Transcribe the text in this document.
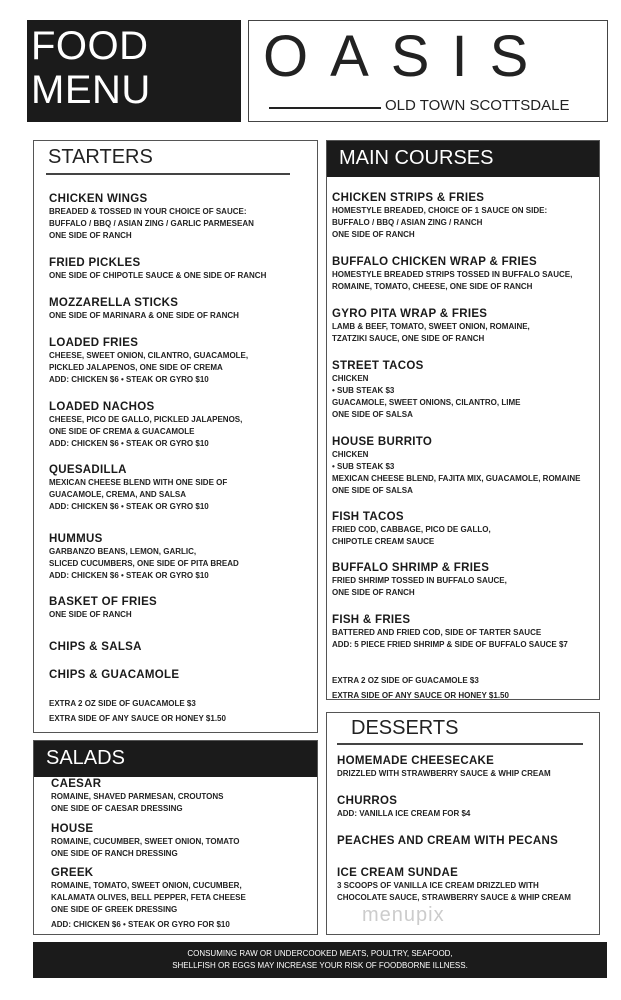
FOOD
MENU
OASIS
OLD TOWN SCOTTSDALE
STARTERS
CHICKEN WINGS
BREADED & TOSSED IN YOUR CHOICE OF SAUCE:
BUFFALO / BBQ / ASIAN ZING / GARLIC PARMESEAN
ONE SIDE OF RANCH
FRIED PICKLES
ONE SIDE OF CHIPOTLE SAUCE & ONE SIDE OF RANCH
MOZZARELLA STICKS
ONE SIDE OF MARINARA & ONE SIDE OF RANCH
LOADED FRIES
CHEESE, SWEET ONION, CILANTRO, GUACAMOLE,
PICKLED JALAPENOS, ONE SIDE OF CREMA
ADD: CHICKEN $6 • STEAK OR GYRO $10
LOADED NACHOS
CHEESE, PICO DE GALLO, PICKLED JALAPENOS,
ONE SIDE OF CREMA & GUACAMOLE
ADD: CHICKEN $6 • STEAK OR GYRO $10
QUESADILLA
MEXICAN CHEESE BLEND WITH ONE SIDE OF
GUACAMOLE, CREMA, AND SALSA
ADD: CHICKEN $6 • STEAK OR GYRO $10
HUMMUS
GARBANZO BEANS, LEMON, GARLIC,
SLICED CUCUMBERS, ONE SIDE OF PITA BREAD
ADD: CHICKEN $6 • STEAK OR GYRO $10
BASKET OF FRIES
ONE SIDE OF RANCH
CHIPS & SALSA
CHIPS & GUACAMOLE
EXTRA 2 OZ SIDE OF GUACAMOLE $3
EXTRA SIDE OF ANY SAUCE OR HONEY $1.50
MAIN COURSES
CHICKEN STRIPS & FRIES
HOMESTYLE BREADED, CHOICE OF 1 SAUCE ON SIDE:
BUFFALO / BBQ / ASIAN ZING / RANCH
ONE SIDE OF RANCH
BUFFALO CHICKEN WRAP & FRIES
HOMESTYLE BREADED STRIPS TOSSED IN BUFFALO SAUCE,
ROMAINE, TOMATO, CHEESE, ONE SIDE OF RANCH
GYRO PITA WRAP & FRIES
LAMB & BEEF, TOMATO, SWEET ONION, ROMAINE,
TZATZIKI SAUCE, ONE SIDE OF RANCH
STREET TACOS
CHICKEN
• SUB STEAK $3
GUACAMOLE, SWEET ONIONS, CILANTRO, LIME
ONE SIDE OF SALSA
HOUSE BURRITO
CHICKEN
• SUB STEAK $3
MEXICAN CHEESE BLEND, FAJITA MIX, GUACAMOLE, ROMAINE
ONE SIDE OF SALSA
FISH TACOS
FRIED COD, CABBAGE, PICO DE GALLO,
CHIPOTLE CREAM SAUCE
BUFFALO SHRIMP & FRIES
FRIED SHRIMP TOSSED IN BUFFALO SAUCE,
ONE SIDE OF RANCH
FISH & FRIES
BATTERED AND FRIED COD, SIDE OF TARTER SAUCE
ADD: 5 PIECE FRIED SHRIMP & SIDE OF BUFFALO SAUCE $7
EXTRA 2 OZ SIDE OF GUACAMOLE $3
EXTRA SIDE OF ANY SAUCE OR HONEY $1.50
SALADS
CAESAR
ROMAINE, SHAVED PARMESAN, CROUTONS
ONE SIDE OF CAESAR DRESSING
HOUSE
ROMAINE, CUCUMBER, SWEET ONION, TOMATO
ONE SIDE OF RANCH DRESSING
GREEK
ROMAINE, TOMATO, SWEET ONION, CUCUMBER,
KALAMATA OLIVES, BELL PEPPER, FETA CHEESE
ONE SIDE OF GREEK DRESSING
ADD: CHICKEN $6 • STEAK OR GYRO FOR $10
DESSERTS
HOMEMADE CHEESECAKE
DRIZZLED WITH STRAWBERRY SAUCE & WHIP CREAM
CHURROS
ADD: VANILLA ICE CREAM FOR $4
PEACHES AND CREAM WITH PECANS
ICE CREAM SUNDAE
3 SCOOPS OF VANILLA ICE CREAM DRIZZLED WITH
CHOCOLATE SAUCE, STRAWBERRY SAUCE & WHIP CREAM
menupix
CONSUMING RAW OR UNDERCOOKED MEATS, POULTRY, SEAFOOD,
SHELLFISH OR EGGS MAY INCREASE YOUR RISK OF FOODBORNE ILLNESS.
